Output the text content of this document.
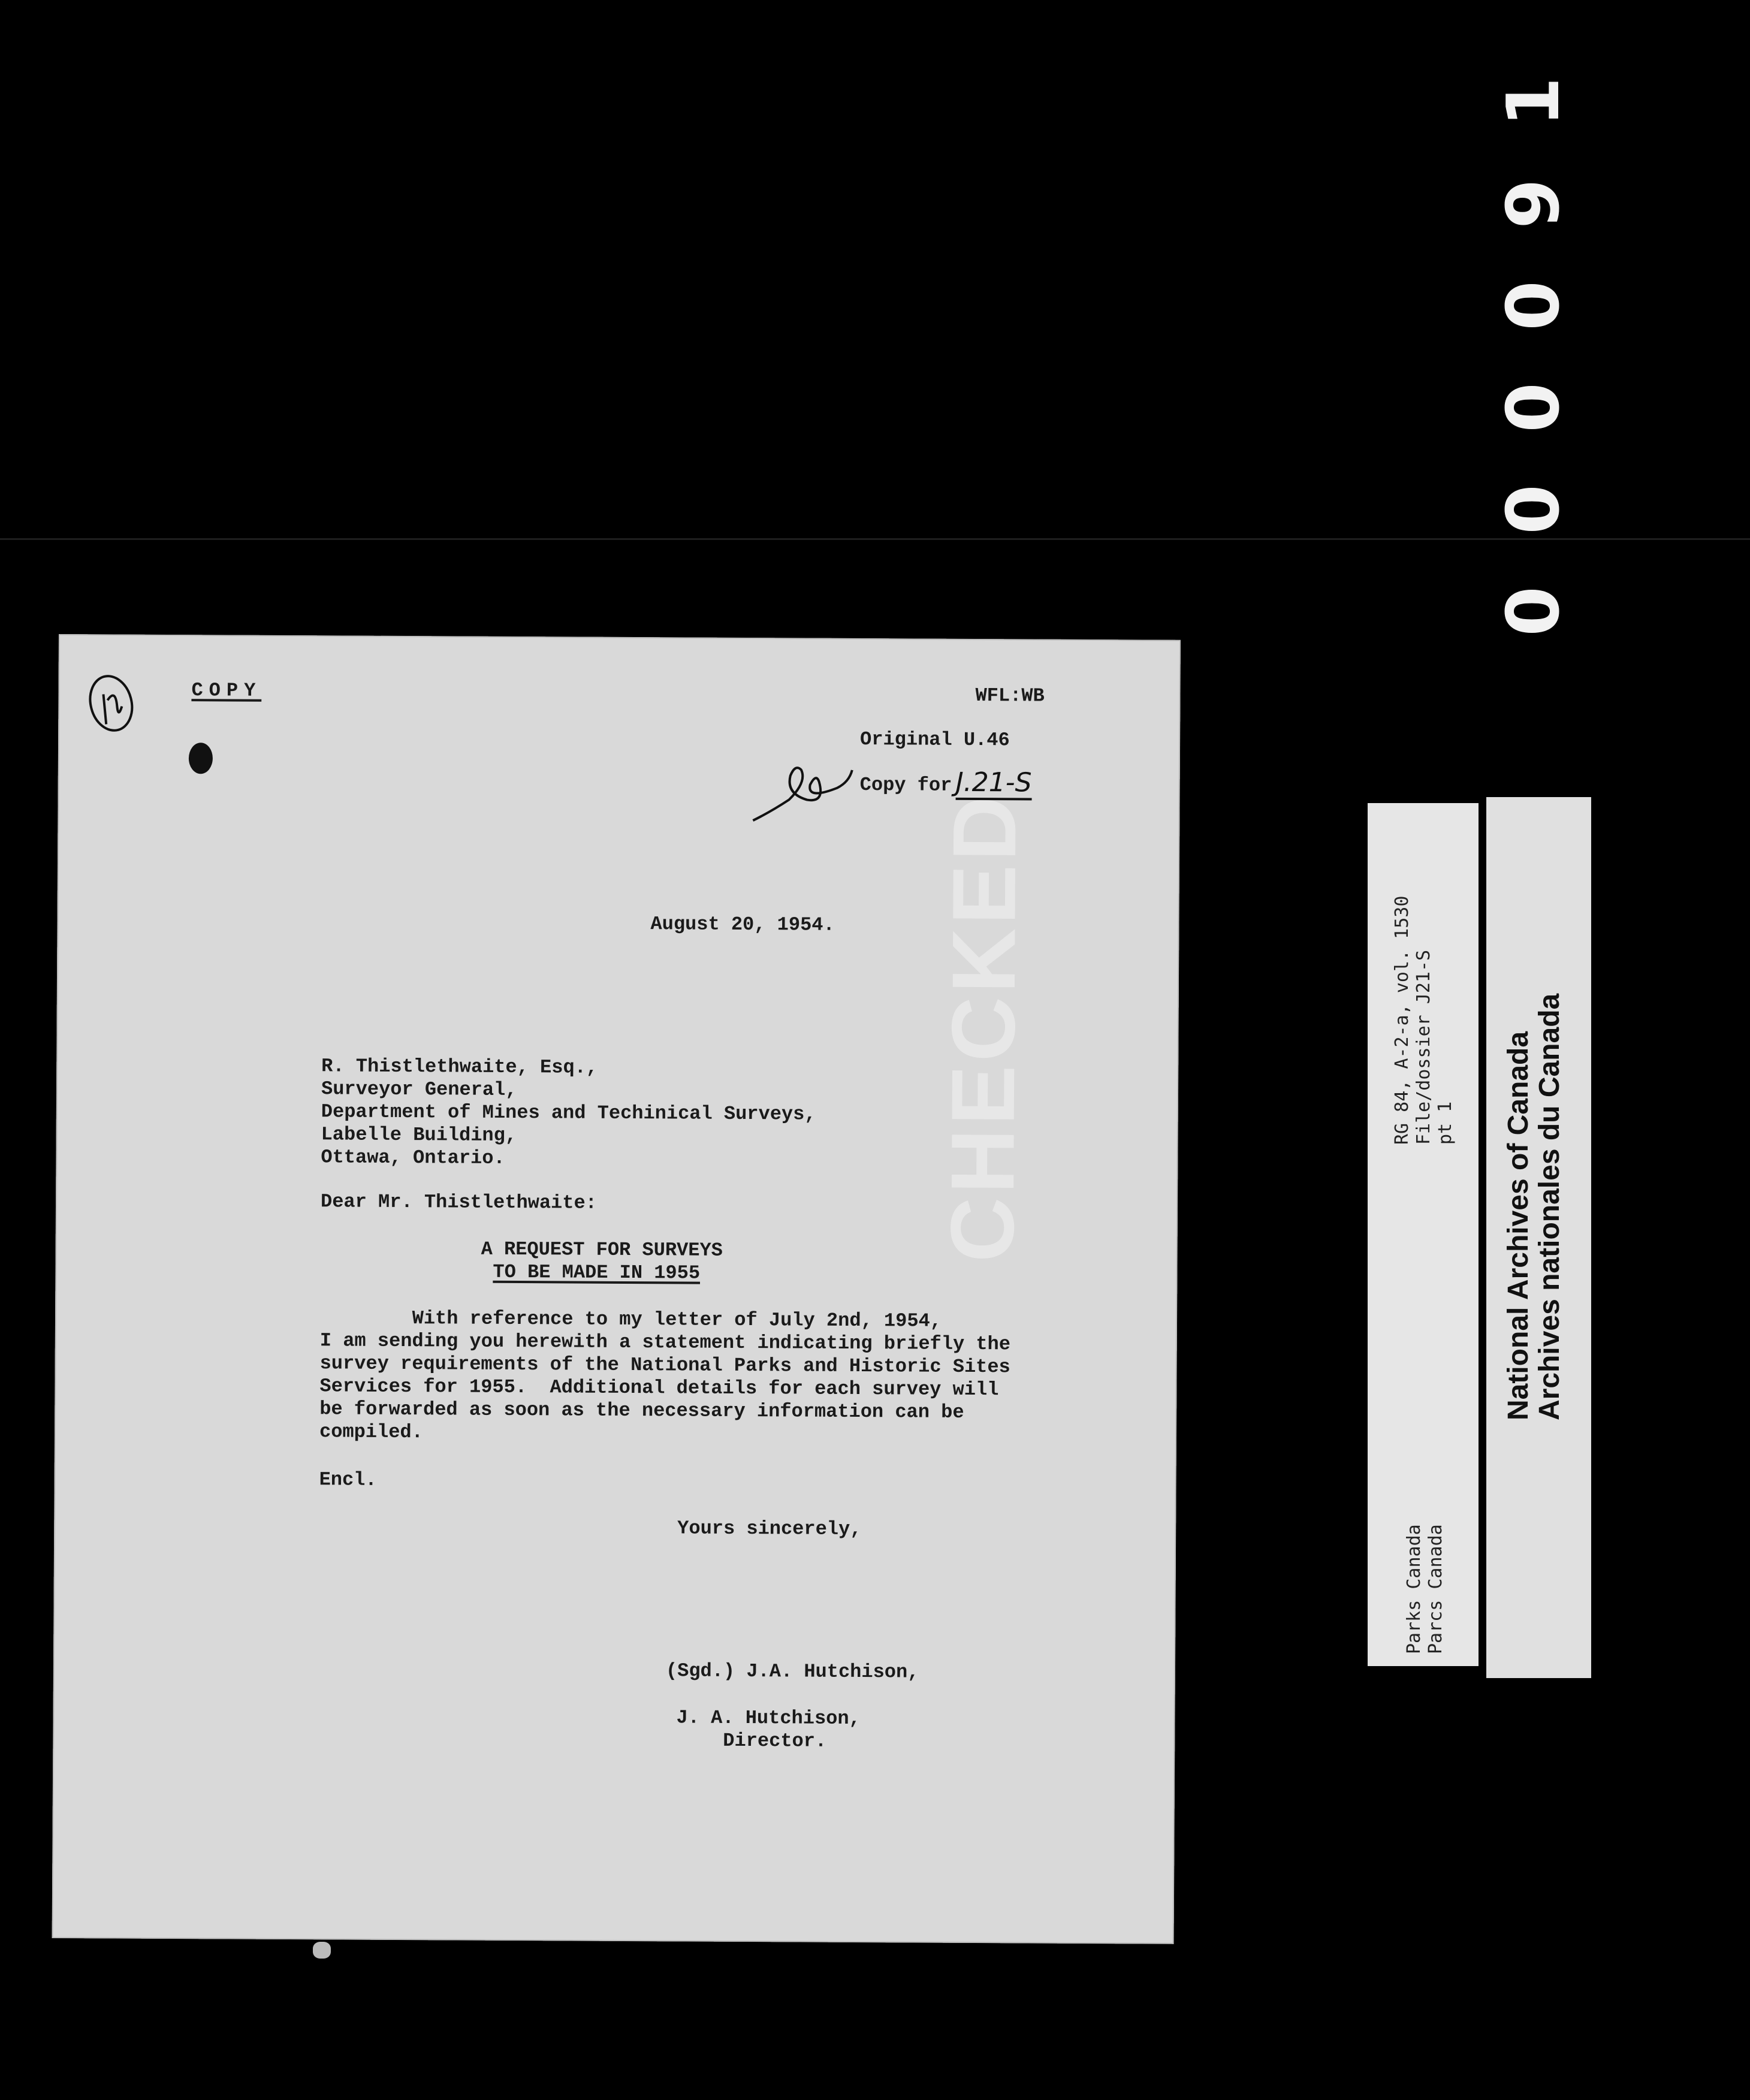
CHECKED
COPY	WFL:WB
Original U.46
Copy for J.21-S
August 20, 1954.
R. Thistlethwaite, Esq.,
Surveyor General,
Department of Mines and Techinical Surveys,
Labelle Building,
Ottawa, Ontario.
Dear Mr. Thistlethwaite:
A REQUEST FOR SURVEYS
TO BE MADE IN 1955
With reference to my letter of July 2nd, 1954,
I am sending you herewith a statement indicating briefly the
survey requirements of the National Parks and Historic Sites
Services for 1955.  Additional details for each survey will
be forwarded as soon as the necessary information can be
compiled.
Encl.
Yours sincerely,
(Sgd.) J.A. Hutchison,
J. A. Hutchison,
Director.
1
9
0
0
0
0
RG 84, A-2-a, vol. 1530 File/dossier J21-S pt 1
Parks Canada Parcs Canada
National Archives of Canada Archives nationales du Canada
